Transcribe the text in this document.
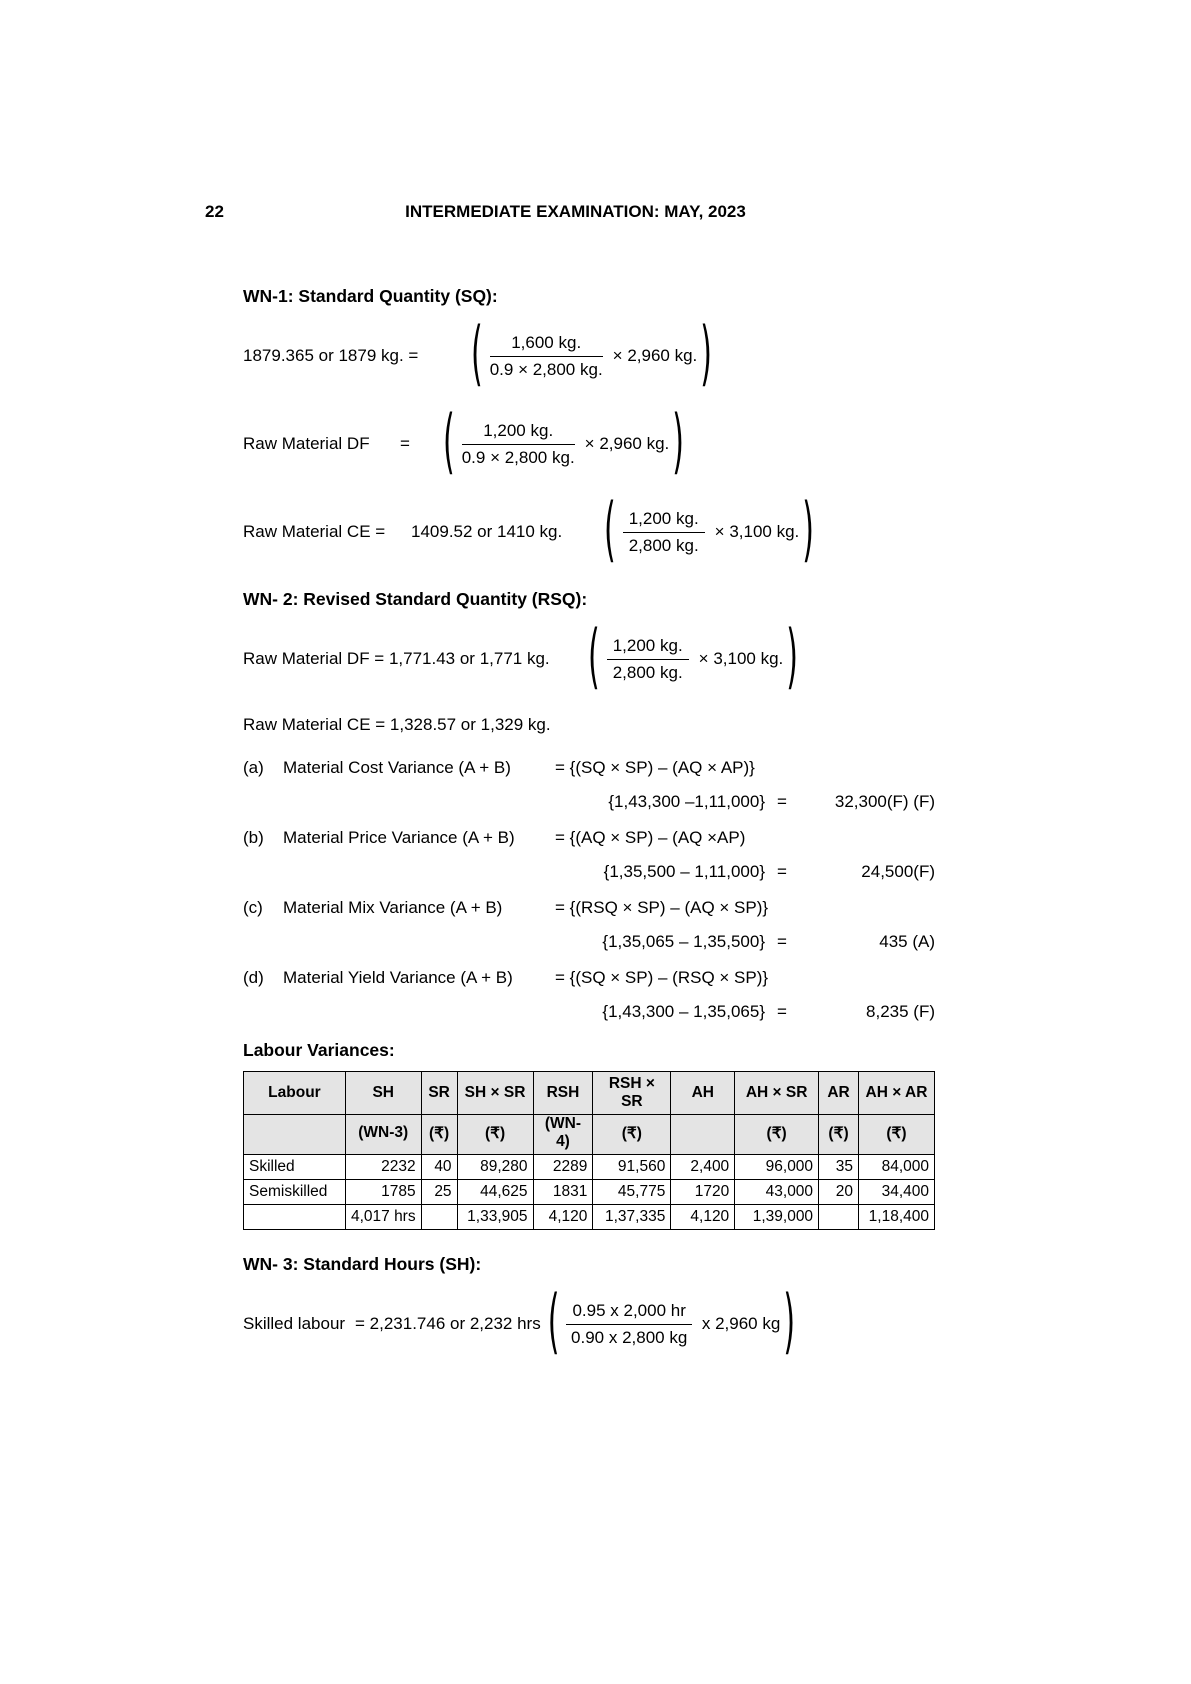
22	INTERMEDIATE EXAMINATION: MAY, 2023
WN-1: Standard Quantity (SQ):
1879.365 or 1879 kg. =	( $\frac{1,600 kg.}{0.9 \times 2,800 kg.} \times 2,960$ kg. )
Raw Material DF	=	( $\frac{1,200 kg.}{0.9 \times 2,800 kg.} \times 2,960$ kg. )
Raw Material CE =	1409.52 or 1410 kg.	( $\frac{1,200 kg.}{2,800 kg.} \times 3,100$ kg. )
WN- 2: Revised Standard Quantity (RSQ):
Raw Material DF = 1,771.43 or 1,771 kg.	( $\frac{1,200 kg.}{2,800 kg.} \times 3,100$ kg. )
Raw Material CE = 1,328.57 or 1,329 kg.
(a)	Material Cost Variance (A + B)	= {(SQ × SP) – (AQ × AP)}
{1,43,300 –1,11,000} =	32,300(F) (F)
(b)	Material Price Variance (A + B)	= {(AQ × SP) – (AQ ×AP)
{1,35,500 – 1,11,000} =	24,500(F)
(c)	Material Mix Variance (A + B)	= {(RSQ × SP) – (AQ × SP)}
{1,35,065 – 1,35,500} =	435 (A)
(d)	Material Yield Variance (A + B)	= {(SQ × SP) – (RSQ × SP)}
{1,43,300 – 1,35,065} =	8,235 (F)
Labour Variances:
Labour	SH	SR	SH × SR	RSH	RSH × SR	AH	AH × SR	AR	AH × AR
	(WN-3)	(₹)	(₹)	(WN-4)	(₹)		(₹)	(₹)	(₹)
Skilled	2232	40	89,280	2289	91,560	2,400	96,000	35	84,000
Semiskilled	1785	25	44,625	1831	45,775	1720	43,000	20	34,400
	4,017 hrs		1,33,905	4,120	1,37,335	4,120	1,39,000		1,18,400
WN- 3: Standard Hours (SH):
Skilled labour = 2,231.746 or 2,232 hrs ( $\frac{0.95 x 2,000 hr}{0.90 x 2,800 kg}$ x 2,960 kg )
